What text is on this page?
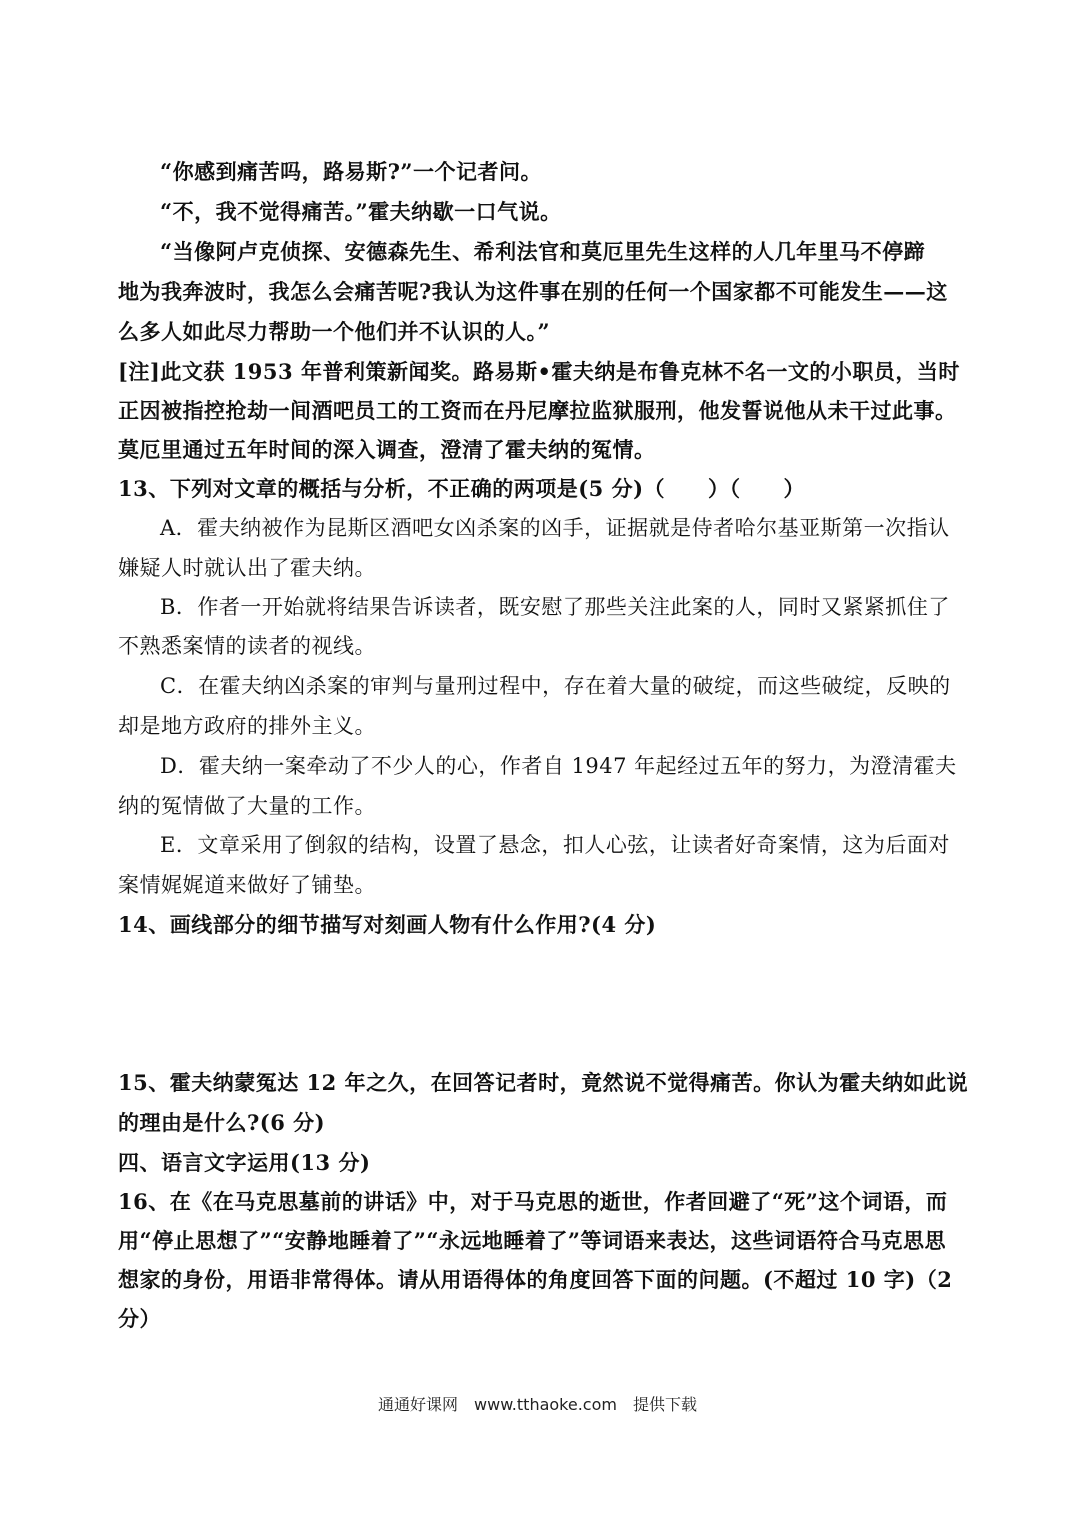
“你感到痛苦吗，路易斯?”一个记者问。
“不，我不觉得痛苦。”霍夫纳歇一口气说。
“当像阿卢克侦探、安德森先生、希利法官和莫厄里先生这样的人几年里马不停蹄
地为我奔波时，我怎么会痛苦呢?我认为这件事在别的任何一个国家都不可能发生——这
么多人如此尽力帮助一个他们并不认识的人。”
[注]此文获 1953 年普利策新闻奖。路易斯•霍夫纳是布鲁克林不名一文的小职员，当时
正因被指控抢劫一间酒吧员工的工资而在丹尼摩拉监狱服刑，他发誓说他从未干过此事。
莫厄里通过五年时间的深入调查，澄清了霍夫纳的冤情。
13、下列对文章的概括与分析，不正确的两项是(5 分)（　　）（　　）
A．霍夫纳被作为昆斯区酒吧女凶杀案的凶手，证据就是侍者哈尔基亚斯第一次指认
嫌疑人时就认出了霍夫纳。
B．作者一开始就将结果告诉读者，既安慰了那些关注此案的人，同时又紧紧抓住了
不熟悉案情的读者的视线。
C．在霍夫纳凶杀案的审判与量刑过程中，存在着大量的破绽，而这些破绽，反映的
却是地方政府的排外主义。
D．霍夫纳一案牵动了不少人的心，作者自 1947 年起经过五年的努力，为澄清霍夫
纳的冤情做了大量的工作。
E．文章采用了倒叙的结构，设置了悬念，扣人心弦，让读者好奇案情，这为后面对
案情娓娓道来做好了铺垫。
14、画线部分的细节描写对刻画人物有什么作用?(4 分)
15、霍夫纳蒙冤达 12 年之久，在回答记者时，竟然说不觉得痛苦。你认为霍夫纳如此说
的理由是什么?(6 分)
四、语言文字运用(13 分)
16、在《在马克思墓前的讲话》中，对于马克思的逝世，作者回避了“死”这个词语，而
用“停止思想了”“安静地睡着了”“永远地睡着了”等词语来表达，这些词语符合马克思思
想家的身份，用语非常得体。请从用语得体的角度回答下面的问题。(不超过 10 字)（2
分）
通通好课网　www.tthaoke.com　提供下载
